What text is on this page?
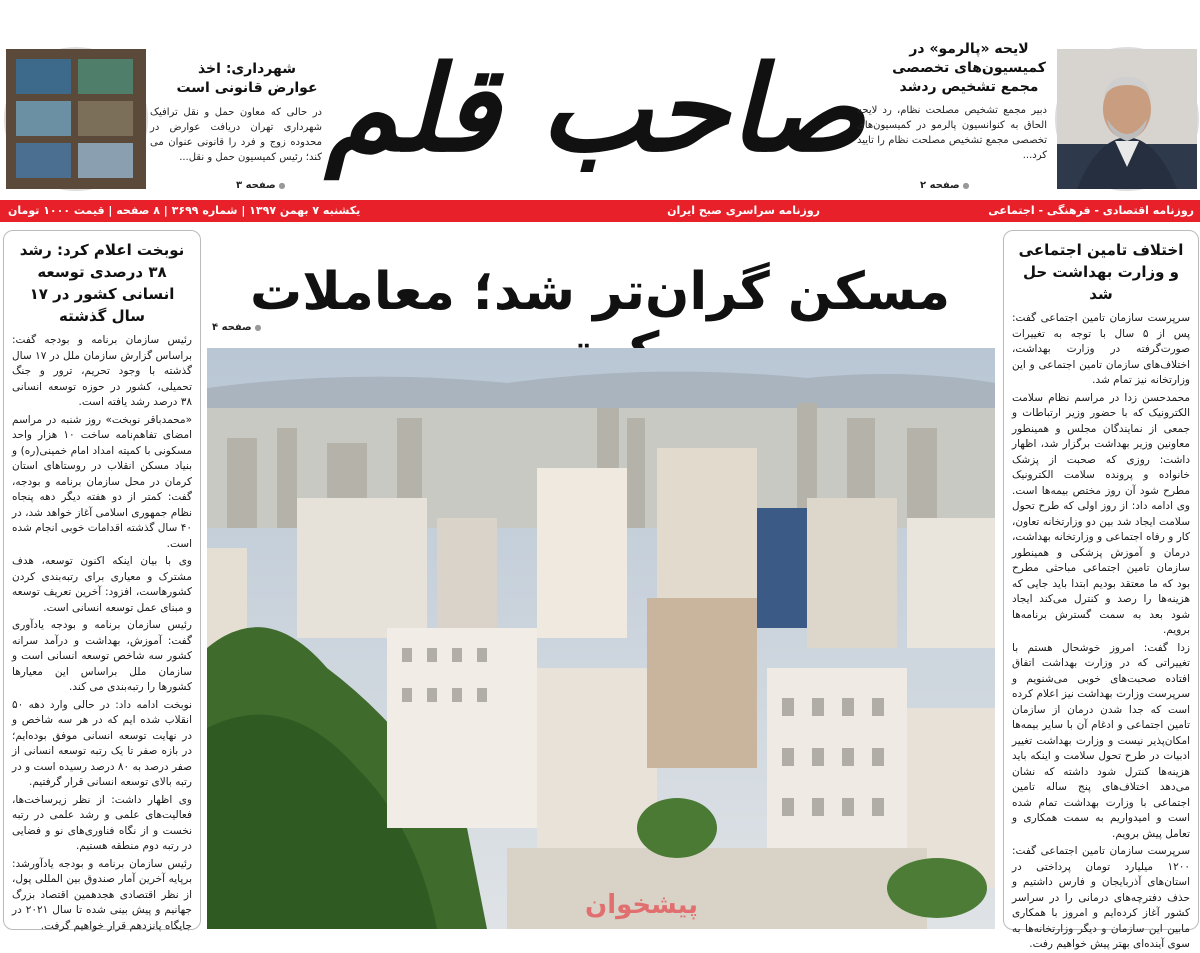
صاحب قلم	لایحه «پالرمو» در کمیسیون‌های تخصصی مجمع تشخیص ردشد
دبیر مجمع تشخیص مصلحت نظام، رد لایحه الحاق به کنوانسیون پالرمو در کمیسیون‌های تخصصی مجمع تشخیص مصلحت نظام را تایید کرد...
● صفحه ۲
شهرداری: اخذ عوارض قانونی است
در حالی که معاون حمل و نقل ترافیک شهرداری تهران دریافت عوارض در محدوده زوج و فرد را قانونی عنوان می کند؛ رئیس کمیسیون حمل و نقل...
● صفحه ۳
روزنامه اقتصادی - فرهنگی - اجتماعی
روزنامه سراسری صبح ایران
یکشنبه ۷ بهمن ۱۳۹۷ | شماره ۳۶۹۹ | ۸ صفحه | قیمت ۱۰۰۰ تومان
اختلاف تامین اجتماعی و وزارت بهداشت حل شد

سرپرست سازمان تامین اجتماعی گفت: پس از ۵ سال با توجه به تغییرات صورت‌گرفته در وزارت بهداشت، اختلاف‌های سازمان تامین اجتماعی و این وزارتخانه نیز تمام شد.

محمدحسن زدا در مراسم نظام سلامت الکترونیک که با حضور وزیر ارتباطات و جمعی از نمایندگان مجلس و همینطور معاونین وزیر بهداشت برگزار شد، اظهار داشت: روزی که صحبت از پزشک خانواده و پرونده سلامت الکترونیک مطرح شود آن روز مختص بیمه‌ها است. وی ادامه داد: از روز اولی که طرح تحول سلامت ایجاد شد بین دو وزارتخانه تعاون، کار و رفاه اجتماعی و وزارتخانه بهداشت، درمان و آموزش پزشکی و همینطور سازمان تامین اجتماعی مباحثی مطرح بود که ما معتقد بودیم ابتدا باید جایی که هزینه‌ها را رصد و کنترل می‌کند ایجاد شود بعد به سمت گسترش برنامه‌ها برویم.

زدا گفت: امروز خوشحال هستم با تغییراتی که در وزارت بهداشت اتفاق افتاده صحبت‌های خوبی می‌شنویم و سرپرست وزارت بهداشت نیز اعلام کرده است که جدا شدن درمان از سازمان تامین اجتماعی و ادغام آن با سایر بیمه‌ها امکان‌پذیر نیست و وزارت بهداشت تغییر ادبیات در طرح تحول سلامت و اینکه باید هزینه‌ها کنترل شود داشته که نشان می‌دهد اختلاف‌های پنج ساله تامین اجتماعی با وزارت بهداشت تمام شده است و امیدواریم به سمت همکاری و تعامل پیش برویم.

سرپرست سازمان تامین اجتماعی گفت: ۱۲۰۰ میلیارد تومان پرداختی در استان‌های آذربایجان و فارس داشتیم و حذف دفترچه‌های درمانی را در سراسر کشور آغاز کرده‌ایم و امروز با همکاری مابین این سازمان و دیگر وزارتخانه‌ها به سوی آینده‌ای بهتر پیش خواهیم رفت.

نوبخت اعلام کرد: رشد ۳۸ درصدی توسعه انسانی کشور در ۱۷ سال گذشته

رئیس سازمان برنامه و بودجه گفت: براساس گزارش سازمان ملل در ۱۷ سال گذشته با وجود تحریم، ترور و جنگ تحمیلی، کشور در حوزه توسعه انسانی ۳۸ درصد رشد یافته است.

«محمدباقر نوبخت» روز شنبه در مراسم امضای تفاهم‌نامه ساخت ۱۰ هزار واحد مسکونی با کمیته امداد امام خمینی(ره) و بنیاد مسکن انقلاب در روستاهای استان کرمان در محل سازمان برنامه و بودجه، گفت: کمتر از دو هفته دیگر دهه پنجاه نظام جمهوری اسلامی آغاز خواهد شد، در ۴۰ سال گذشته اقدامات خوبی انجام شده است.

وی با بیان اینکه اکنون توسعه، هدف مشترک و معیاری برای رتبه‌بندی کردن کشورهاست، افزود: آخرین تعریف توسعه و مبنای عمل توسعه انسانی است.

رئیس سازمان برنامه و بودجه یادآوری گفت: آموزش، بهداشت و درآمد سرانه کشور سه شاخص توسعه انسانی است و سازمان ملل براساس این معیارها کشورها را رتبه‌بندی می کند.

نوبخت ادامه داد: در حالی وارد دهه ۵۰ انقلاب شده ایم که در هر سه شاخص و در نهایت توسعه انسانی موفق بوده‌ایم؛ در بازه صفر تا یک رتبه توسعه انسانی از صفر درصد به ۸۰ درصد رسیده است و در رتبه بالای توسعه انسانی قرار گرفتیم.

وی اظهار داشت: از نظر زیرساخت‌ها، فعالیت‌های علمی و رشد علمی در رتبه نخست و از نگاه فناوری‌های نو و فضایی در رتبه دوم منطقه هستیم.

رئیس سازمان برنامه و بودجه یادآورشد: برپایه آخرین آمار صندوق بین المللی پول، از نظر اقتصادی هجدهمین اقتصاد بزرگ جهانیم و پیش بینی شده تا سال ۲۰۲۱ در جایگاه پانزدهم قرار خواهیم گرفت.

مسکن گران‌تر شد؛ معاملات
● صفحه ۴
پیشخوان
